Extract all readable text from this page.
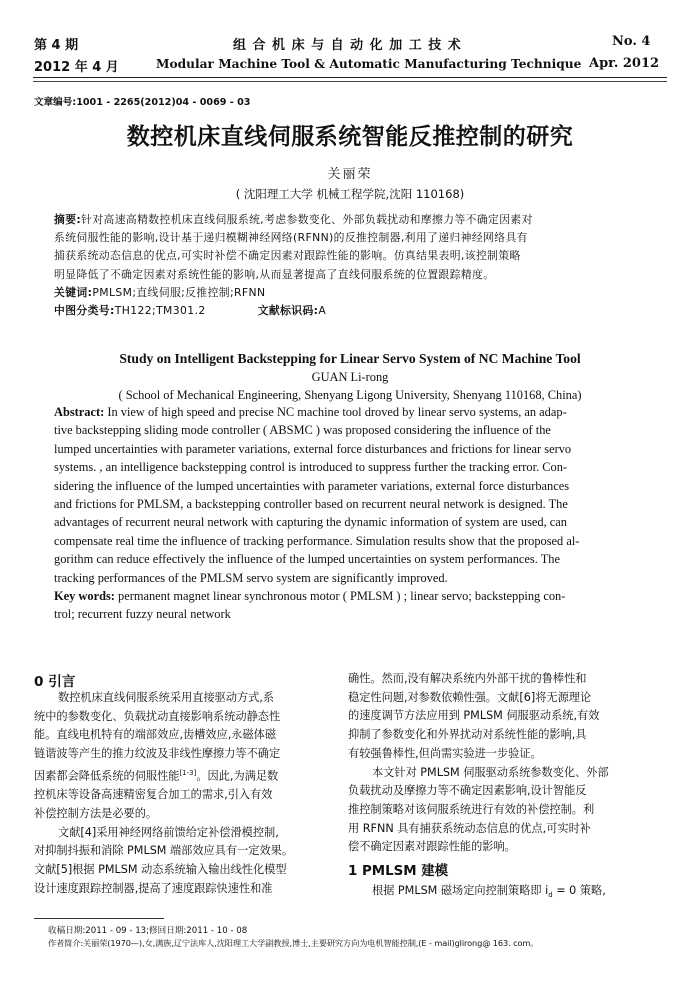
第 4 期	组 合 机 床 与 自 动 化 加 工 技 术	No. 4
2012 年 4 月	Modular Machine Tool & Automatic Manufacturing Technique Apr. 2012
文章编号:1001 - 2265(2012)04 - 0069 - 03
数控机床直线伺服系统智能反推控制的研究
关丽荣
( 沈阳理工大学 机械工程学院,沈阳 110168)
摘要:针对高速高精数控机床直线伺服系统,考虑参数变化、外部负载扰动和摩擦力等不确定因素对
系统伺服性能的影响,设计基于递归模糊神经网络(RFNN)的反推控制器,利用了递归神经网络具有
捕获系统动态信息的优点,可实时补偿不确定因素对跟踪性能的影响。仿真结果表明,该控制策略
明显降低了不确定因素对系统性能的影响,从而显著提高了直线伺服系统的位置跟踪精度。
关键词:PMLSM;直线伺服;反推控制;RFNN
中图分类号:TH122;TM301.2	文献标识码:A
Study on Intelligent Backstepping for Linear Servo System of NC Machine Tool
GUAN Li-rong
( School of Mechanical Engineering, Shenyang Ligong University, Shenyang 110168, China)
Abstract: In view of high speed and precise NC machine tool droved by linear servo systems, an adap-
tive backstepping sliding mode controller ( ABSMC ) was proposed considering the influence of the
lumped uncertainties with parameter variations, external force disturbances and frictions for linear servo
systems. , an intelligence backstepping control is introduced to suppress further the tracking error. Con-
sidering the influence of the lumped uncertainties with parameter variations, external force disturbances
and frictions for PMLSM, a backstepping controller based on recurrent neural network is designed. The
advantages of recurrent neural network with capturing the dynamic information of system are used, can
compensate real time the influence of tracking performance. Simulation results show that the proposed al-
gorithm can reduce effectively the influence of the lumped uncertainties on system performances. The
tracking performances of the PMLSM servo system are significantly improved.
Key words: permanent magnet linear synchronous motor ( PMLSM ) ; linear servo; backstepping con-
trol; recurrent fuzzy neural network
0 引言
数控机床直线伺服系统采用直接驱动方式,系
统中的参数变化、负载扰动直接影响系统动静态性
能。直线电机特有的端部效应,齿槽效应,永磁体磁
链谐波等产生的推力纹波及非线性摩擦力等不确定
因素都会降低系统的伺服性能[1-3]。因此,为满足数
控机床等设备高速精密复合加工的需求,引入有效
补偿控制方法是必要的。
文献[4]采用神经网络前馈给定补偿滑模控制,
对抑制抖振和消除 PMLSM 端部效应具有一定效果。
文献[5]根据 PMLSM 动态系统输入输出线性化模型
设计速度跟踪控制器,提高了速度跟踪快速性和准
确性。然而,没有解决系统内外部干扰的鲁棒性和
稳定性问题,对参数依赖性强。文献[6]将无源理论
的速度调节方法应用到 PMLSM 伺服驱动系统,有效
抑制了参数变化和外界扰动对系统性能的影响,具
有较强鲁棒性,但尚需实验进一步验证。
本文针对 PMLSM 伺服驱动系统参数变化、外部
负载扰动及摩擦力等不确定因素影响,设计智能反
推控制策略对该伺服系统进行有效的补偿控制。利
用 RFNN 具有捕获系统动态信息的优点,可实时补
偿不确定因素对跟踪性能的影响。
1 PMLSM 建模
根据 PMLSM 磁场定向控制策略即 $i_d = 0$ 策略,
收稿日期:2011 - 09 - 13;修回日期:2011 - 10 - 08
作者简介:关丽荣(1970—),女,满族,辽宁法库人,沈阳理工大学副教授,博士,主要研究方向为电机智能控制,(E - mail)glirong@ 163. com。
